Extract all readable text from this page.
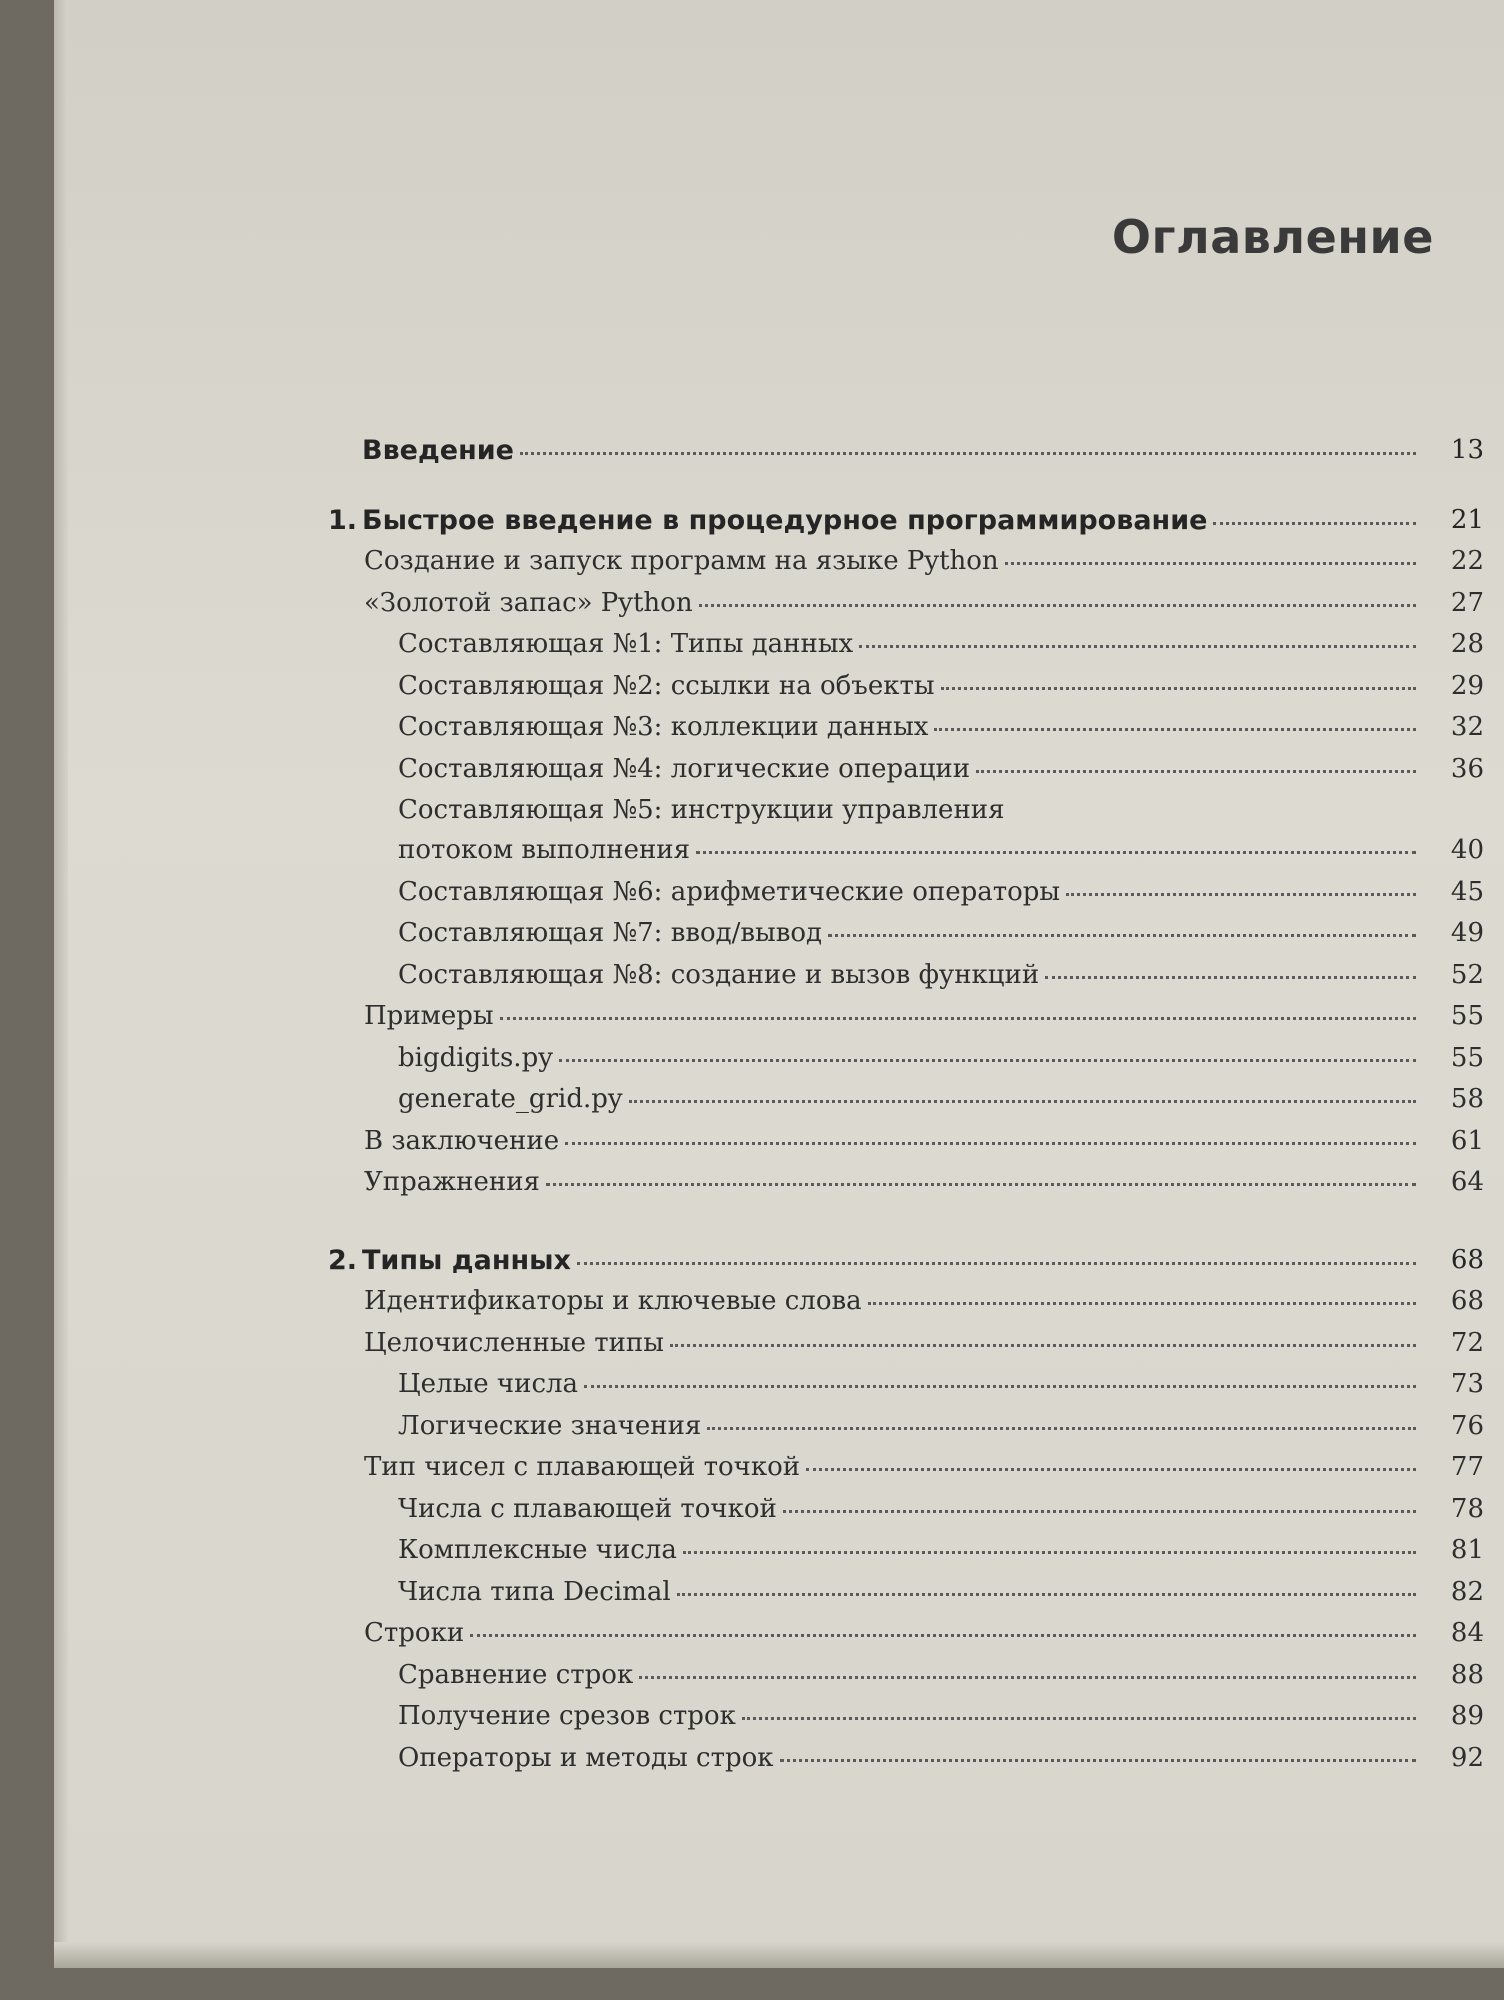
Оглавление
Введение	13
1. Быстрое введение в процедурное программирование	21
Создание и запуск программ на языке Python	22
«Золотой запас» Python	27
Составляющая №1: Типы данных	28
Составляющая №2: ссылки на объекты	29
Составляющая №3: коллекции данных	32
Составляющая №4: логические операции	36
Составляющая №5: инструкции управления
потоком выполнения	40
Составляющая №6: арифметические операторы	45
Составляющая №7: ввод/вывод	49
Составляющая №8: создание и вызов функций	52
Примеры	55
bigdigits.py	55
generate_grid.py	58
В заключение	61
Упражнения	64
2. Типы данных	68
Идентификаторы и ключевые слова	68
Целочисленные типы	72
Целые числа	73
Логические значения	76
Тип чисел с плавающей точкой	77
Числа с плавающей точкой	78
Комплексные числа	81
Числа типа Decimal	82
Строки	84
Сравнение строк	88
Получение срезов строк	89
Операторы и методы строк	92
